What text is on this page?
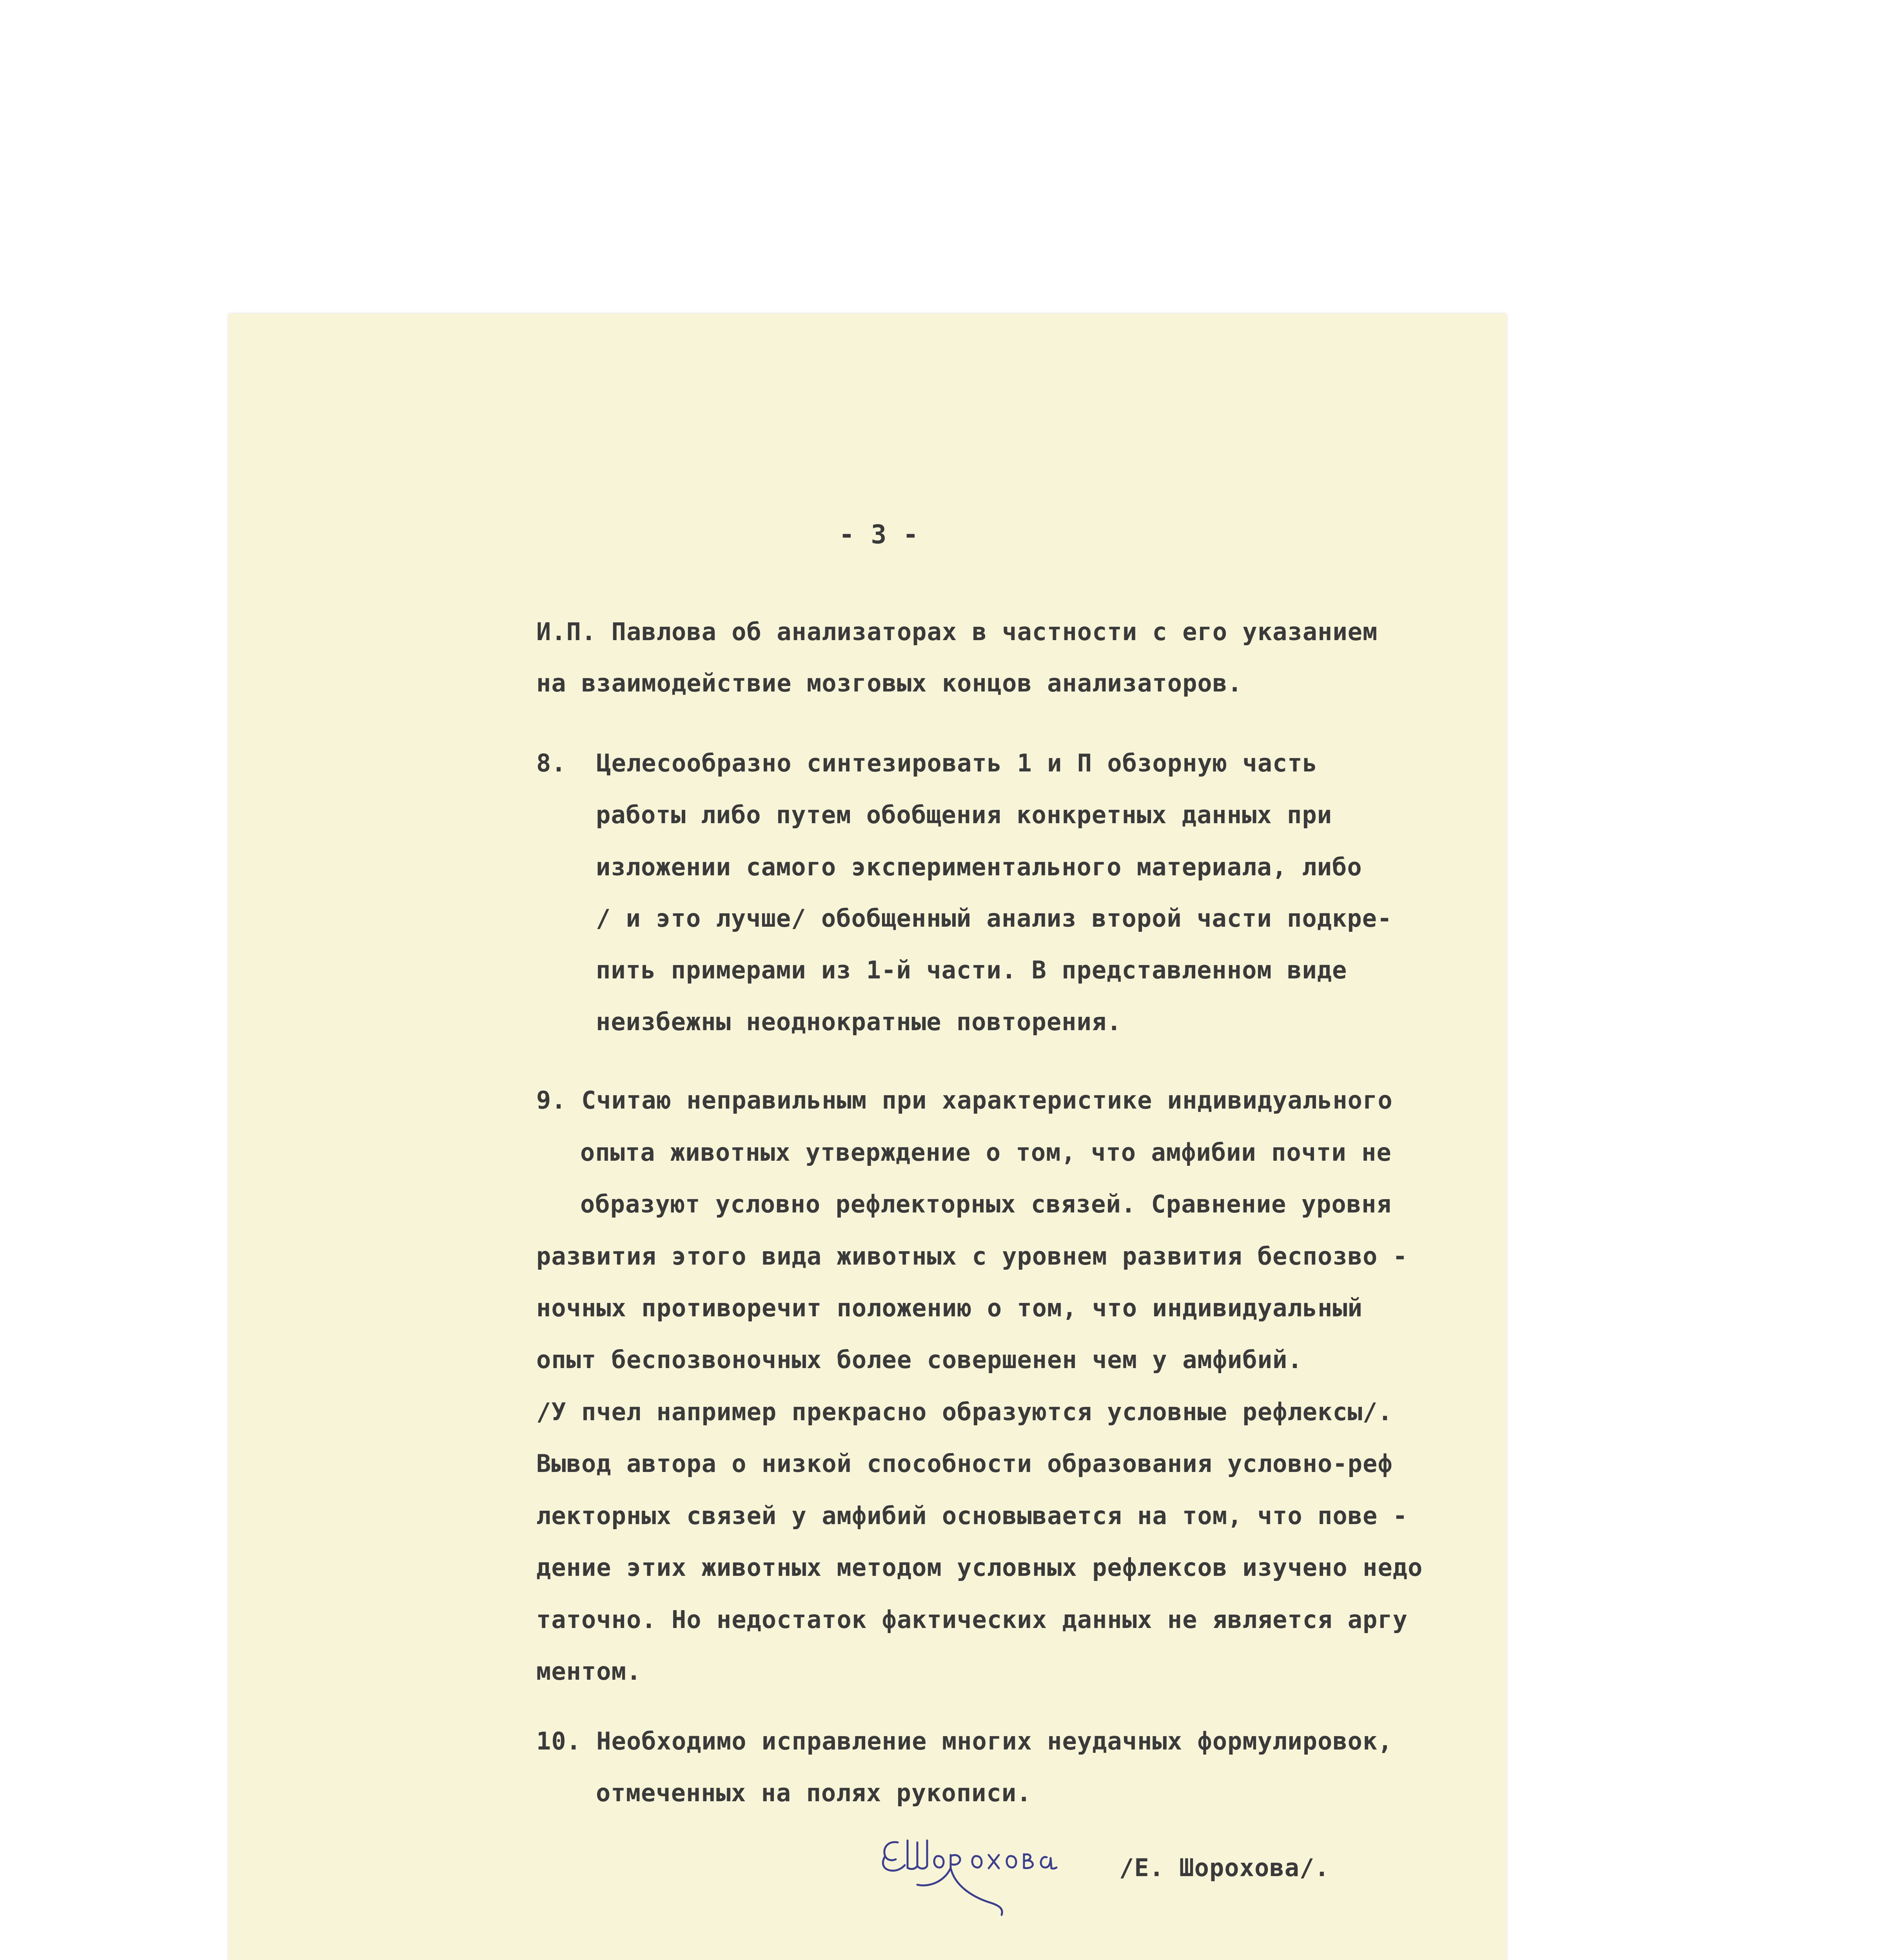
- 3 -

И.П. Павлова об анализаторах в частности с его указанием

на взаимодействие мозговых концов анализаторов.

8.  Целесообразно синтезировать 1 и П обзорную часть

работы либо путем обобщения конкретных данных при

изложении самого экспериментального материала, либо

/ и это лучше/ обобщенный анализ второй части подкре-

пить примерами из 1-й части. В представленном виде

неизбежны неоднократные повторения.

9. Считаю неправильным при характеристике индивидуального

опыта животных утверждение о том, что амфибии почти не

образуют условно рефлекторных связей. Сравнение уровня

развития этого вида животных с уровнем развития беспозво -

ночных противоречит положению о том, что индивидуальный

опыт беспозвоночных более совершенен чем у амфибий.

/У пчел например прекрасно образуются условные рефлексы/.

Вывод автора о низкой способности образования условно-реф

лекторных связей у амфибий основывается на том, что пове -

дение этих животных методом условных рефлексов изучено недо

таточно. Но недостаток фактических данных не является аргу

ментом.

10. Необходимо исправление многих неудачных формулировок,

отмеченных на полях рукописи.

/Е. Шорохова/.
